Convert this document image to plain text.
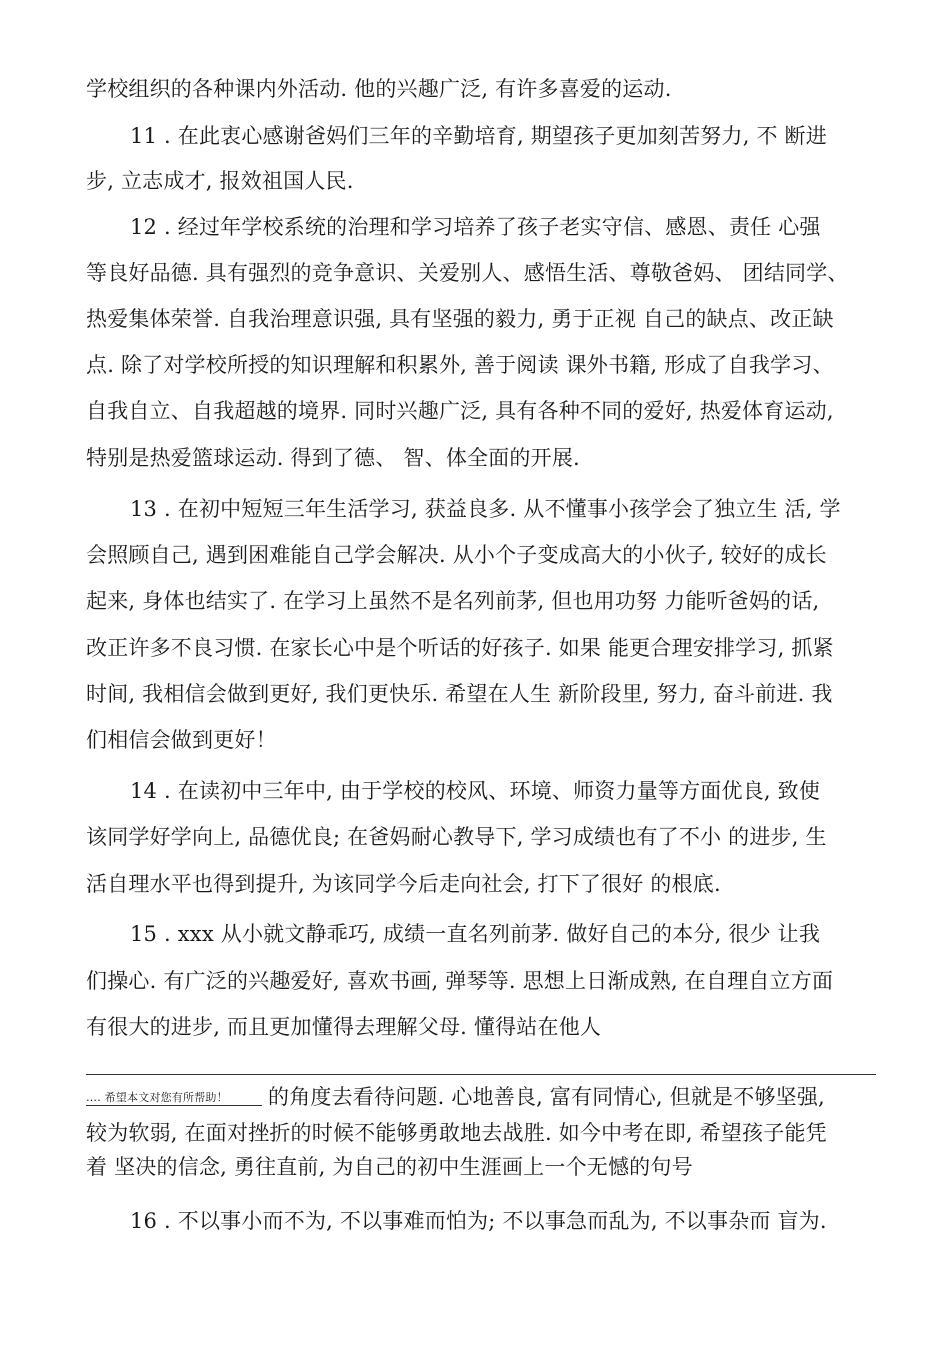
学校组织的各种课内外活动. 他的兴趣广泛, 有许多喜爱的运动.
11 . 在此衷心感谢爸妈们三年的辛勤培育, 期望孩子更加刻苦努力, 不 断进
步, 立志成才, 报效祖国人民.
12 . 经过年学校系统的治理和学习培养了孩子老实守信、感恩、责任 心强
等良好品德. 具有强烈的竞争意识、关爱别人、感悟生活、尊敬爸妈、 团结同学、
热爱集体荣誉. 自我治理意识强, 具有坚强的毅力, 勇于正视 自己的缺点、改正缺
点. 除了对学校所授的知识理解和积累外, 善于阅读 课外书籍, 形成了自我学习、
自我自立、自我超越的境界. 同时兴趣广泛, 具有各种不同的爱好, 热爱体育运动,
特别是热爱篮球运动. 得到了德、 智、体全面的开展.
13 . 在初中短短三年生活学习, 获益良多. 从不懂事小孩学会了独立生 活, 学
会照顾自己, 遇到困难能自己学会解决. 从小个子变成高大的小伙子, 较好的成长
起来, 身体也结实了. 在学习上虽然不是名列前茅, 但也用功努 力能听爸妈的话,
改正许多不良习惯. 在家长心中是个听话的好孩子. 如果 能更合理安排学习, 抓紧
时间, 我相信会做到更好, 我们更快乐. 希望在人生 新阶段里, 努力, 奋斗前进. 我
们相信会做到更好！
14 . 在读初中三年中, 由于学校的校风、环境、师资力量等方面优良, 致使
该同学好学向上, 品德优良; 在爸妈耐心教导下, 学习成绩也有了不小 的进步, 生
活自理水平也得到提升, 为该同学今后走向社会, 打下了很好 的根底.
15 . xxx 从小就文静乖巧, 成绩一直名列前茅. 做好自己的本分, 很少 让我
们操心. 有广泛的兴趣爱好, 喜欢书画, 弹琴等. 思想上日渐成熟, 在自理自立方面
有很大的进步, 而且更加懂得去理解父母. 懂得站在他人
…. 希望本文对您有所帮助！ 的角度去看待问题. 心地善良, 富有同情心, 但就是不够坚强,
较为软弱, 在面对挫折的时候不能够勇敢地去战胜. 如今中考在即, 希望孩子能凭
着 坚决的信念, 勇往直前, 为自己的初中生涯画上一个无憾的句号
16 . 不以事小而不为, 不以事难而怕为; 不以事急而乱为, 不以事杂而 盲为.
